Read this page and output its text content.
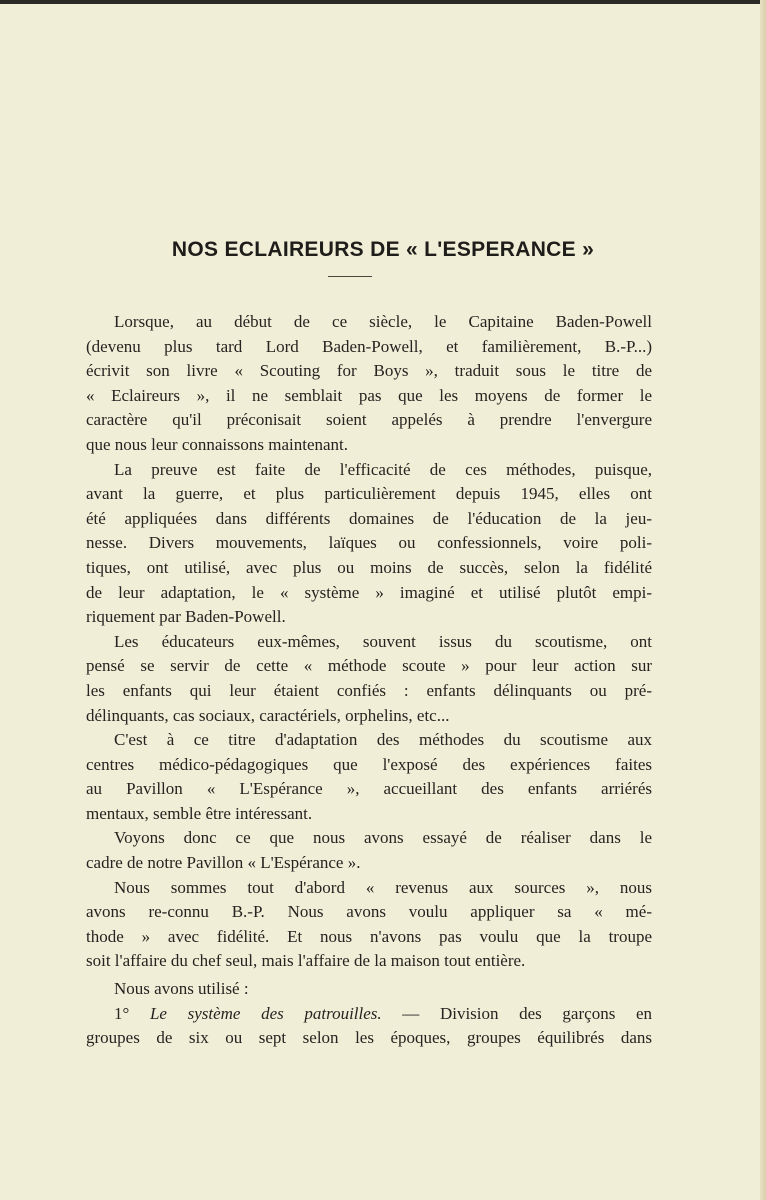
NOS ECLAIREURS DE « L'ESPERANCE »
Lorsque, au début de ce siècle, le Capitaine Baden-Powell
(devenu plus tard Lord Baden-Powell, et familièrement, B.-P...)
écrivit son livre « Scouting for Boys », traduit sous le titre de
« Eclaireurs », il ne semblait pas que les moyens de former le
caractère qu'il préconisait soient appelés à prendre l'envergure
que nous leur connaissons maintenant.
La preuve est faite de l'efficacité de ces méthodes, puisque,
avant la guerre, et plus particulièrement depuis 1945, elles ont
été appliquées dans différents domaines de l'éducation de la jeu-
nesse. Divers mouvements, laïques ou confessionnels, voire poli-
tiques, ont utilisé, avec plus ou moins de succès, selon la fidélité
de leur adaptation, le « système » imaginé et utilisé plutôt empi-
riquement par Baden-Powell.
Les éducateurs eux-mêmes, souvent issus du scoutisme, ont
pensé se servir de cette « méthode scoute » pour leur action sur
les enfants qui leur étaient confiés : enfants délinquants ou pré-
délinquants, cas sociaux, caractériels, orphelins, etc...
C'est à ce titre d'adaptation des méthodes du scoutisme aux
centres médico-pédagogiques que l'exposé des expériences faites
au Pavillon « L'Espérance », accueillant des enfants arriérés
mentaux, semble être intéressant.
Voyons donc ce que nous avons essayé de réaliser dans le
cadre de notre Pavillon « L'Espérance ».
Nous sommes tout d'abord « revenus aux sources », nous
avons re-connu B.-P. Nous avons voulu appliquer sa « mé-
thode » avec fidélité. Et nous n'avons pas voulu que la troupe
soit l'affaire du chef seul, mais l'affaire de la maison tout entière.
Nous avons utilisé :
1° Le système des patrouilles. — Division des garçons en
groupes de six ou sept selon les époques, groupes équilibrés dans
